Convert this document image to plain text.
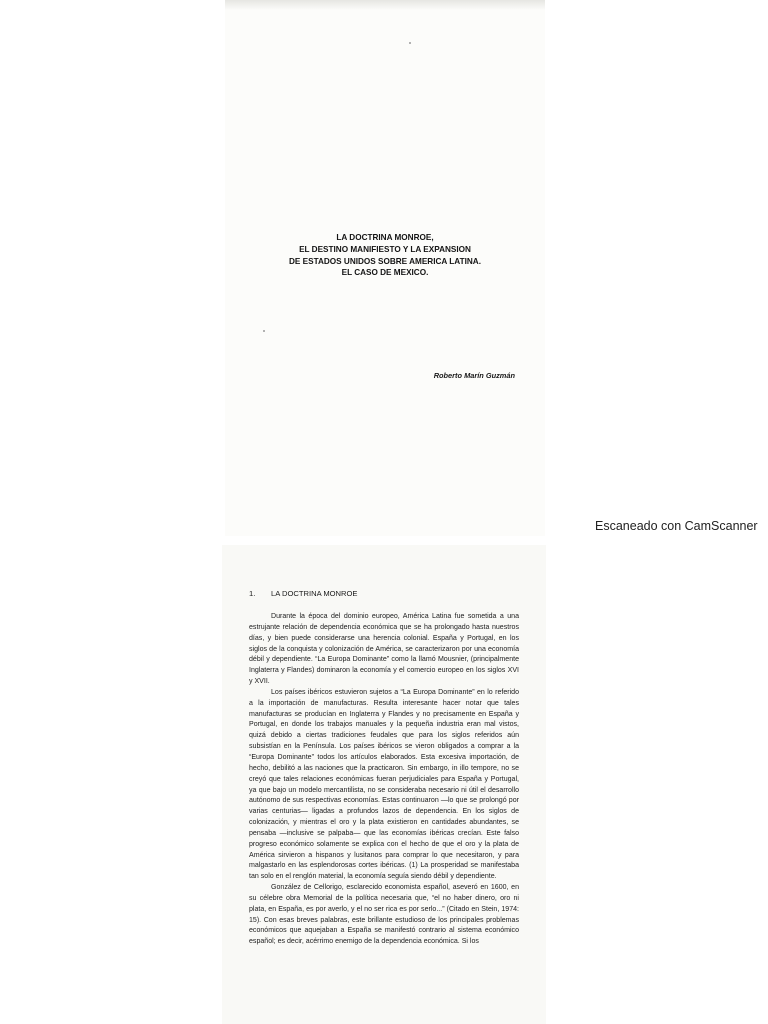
LA DOCTRINA MONROE,
EL DESTINO MANIFIESTO Y LA EXPANSION
DE ESTADOS UNIDOS SOBRE AMERICA LATINA.
EL CASO DE MEXICO.
Roberto Marín Guzmán
Escaneado con CamScanner
1. LA DOCTRINA MONROE

Durante la época del dominio europeo, América Latina fue sometida a una estrujante relación de dependencia económica que se ha prolongado hasta nuestros días, y bien puede considerarse una herencia colonial. España y Portugal, en los siglos de la conquista y colonización de América, se caracterizaron por una economía débil y dependiente. “La Europa Dominante” como la llamó Mousnier, (principalmente Inglaterra y Flandes) dominaron la economía y el comercio europeo en los siglos XVI y XVII.

Los países ibéricos estuvieron sujetos a “La Europa Dominante” en lo referido a la importación de manufacturas. Resulta interesante hacer notar que tales manufacturas se producían en Inglaterra y Flandes y no precisamente en España y Portugal, en donde los trabajos manuales y la pequeña industria eran mal vistos, quizá debido a ciertas tradiciones feudales que para los siglos referidos aún subsistían en la Península. Los países ibéricos se vieron obligados a comprar a la “Europa Dominante” todos los artículos elaborados. Esta excesiva importación, de hecho, debilitó a las naciones que la practicaron. Sin embargo, in illo tempore, no se creyó que tales relaciones económicas fueran perjudiciales para España y Portugal, ya que bajo un modelo mercantilista, no se consideraba necesario ni útil el desarrollo autónomo de sus respectivas economías. Estas continuaron —lo que se prolongó por varias centurias— ligadas a profundos lazos de dependencia. En los siglos de colonización, y mientras el oro y la plata existieron en cantidades abundantes, se pensaba —inclusive se palpaba— que las economías ibéricas crecían. Este falso progreso económico solamente se explica con el hecho de que el oro y la plata de América sirvieron a hispanos y lusitanos para comprar lo que necesitaron, y para malgastarlo en las esplendorosas cortes ibéricas. (1) La prosperidad se manifestaba tan solo en el renglón material, la economía seguía siendo débil y dependiente.

González de Cellorigo, esclarecido economista español, aseveró en 1600, en su célebre obra Memorial de la política necesaria que, “el no haber dinero, oro ni plata, en España, es por averlo, y el no ser rica es por serlo...” (Citado en Stein, 1974: 15). Con esas breves palabras, este brillante estudioso de los principales problemas económicos que aquejaban a España se manifestó contrario al sistema económico español; es decir, acérrimo enemigo de la dependencia económica. Si los
